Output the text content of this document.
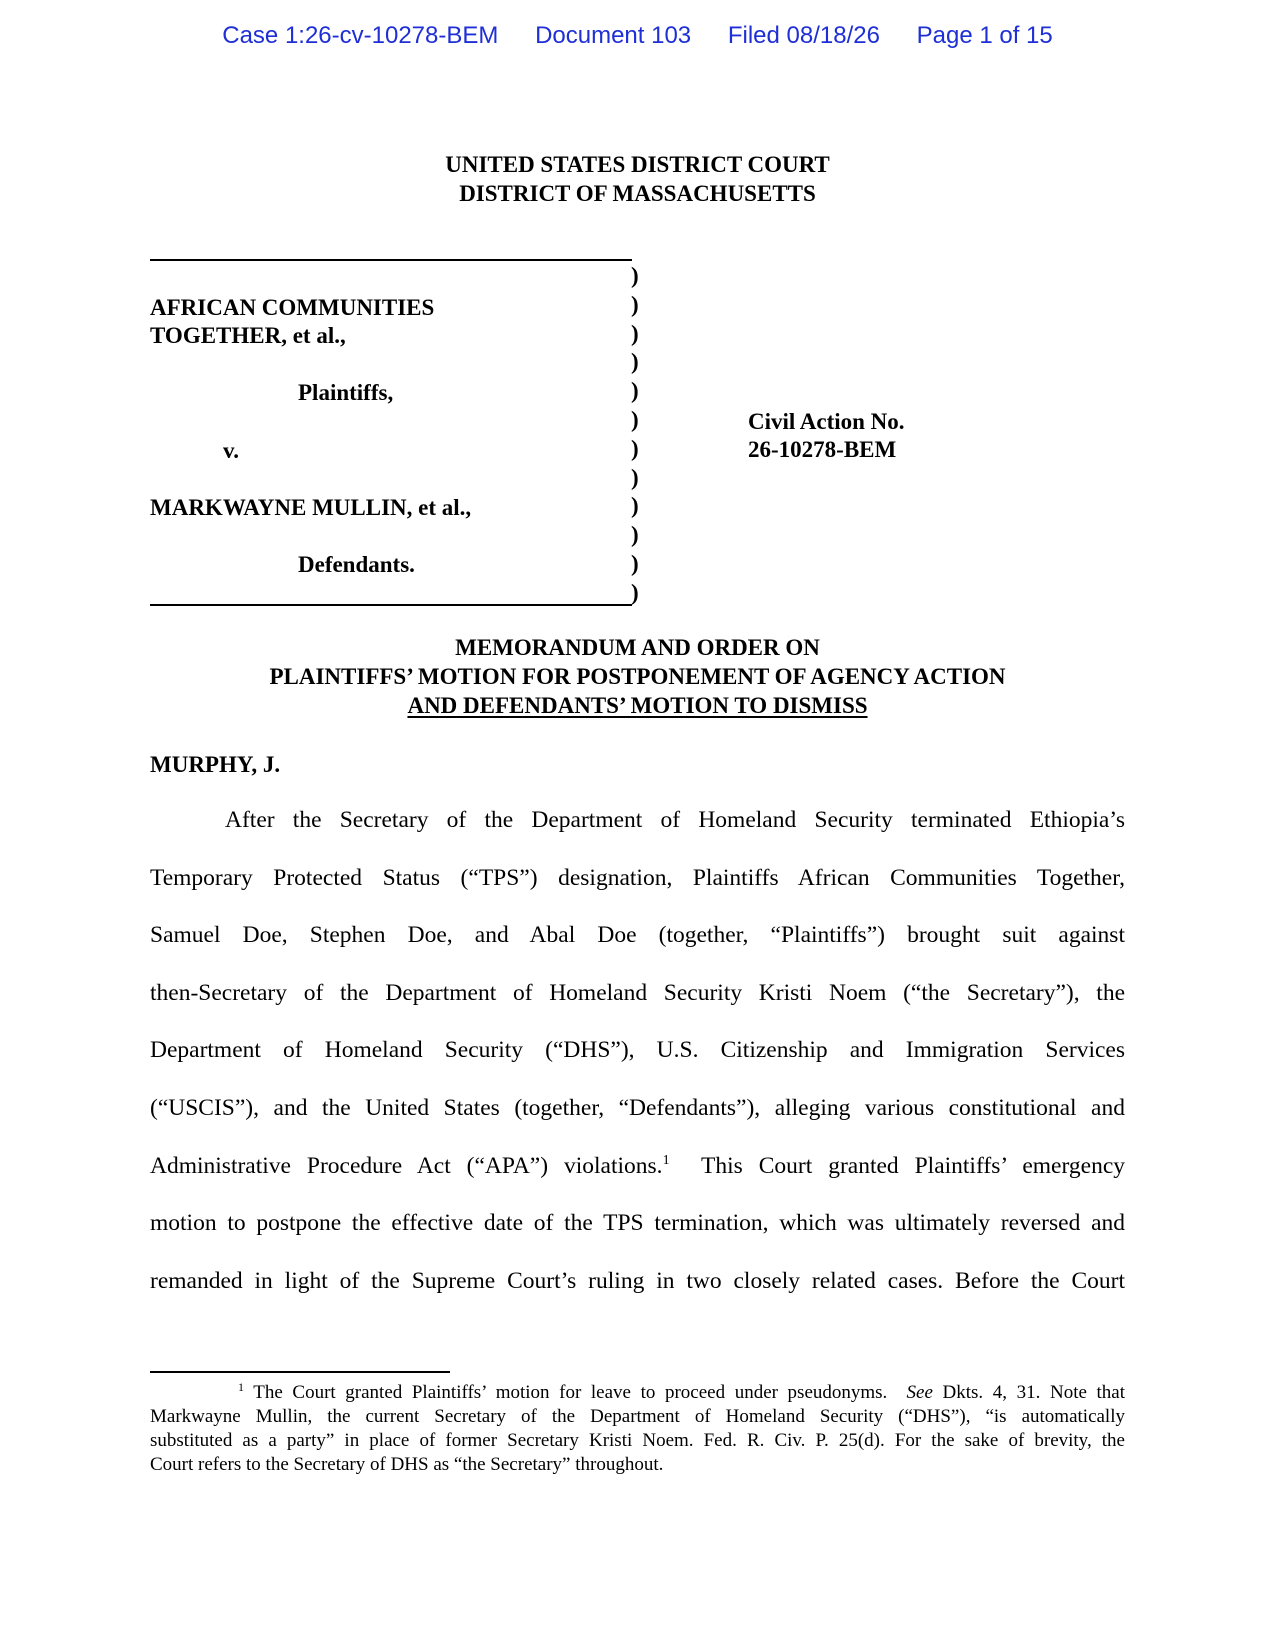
Case 1:26-cv-10278-BEM Document 103 Filed 08/18/26 Page 1 of 15
UNITED STATES DISTRICT COURT
DISTRICT OF MASSACHUSETTS
AFRICAN COMMUNITIES
TOGETHER, et al.,
Plaintiffs,
v.
MARKWAYNE MULLIN, et al.,
Defendants.
)
)
)
)
)
)
)
)
)
)
)
)
Civil Action No.
26-10278-BEM
MEMORANDUM AND ORDER ON
PLAINTIFFS’ MOTION FOR POSTPONEMENT OF AGENCY ACTION
AND DEFENDANTS’ MOTION TO DISMISS
MURPHY, J.
After the Secretary of the Department of Homeland Security terminated Ethiopia’s
Temporary Protected Status (“TPS”) designation, Plaintiffs African Communities Together,
Samuel Doe, Stephen Doe, and Abal Doe (together, “Plaintiffs”) brought suit against
then-Secretary of the Department of Homeland Security Kristi Noem (“the Secretary”), the
Department of Homeland Security (“DHS”), U.S. Citizenship and Immigration Services
(“USCIS”), and the United States (together, “Defendants”), alleging various constitutional and
Administrative Procedure Act (“APA”) violations.$^1$ This Court granted Plaintiffs’ emergency
motion to postpone the effective date of the TPS termination, which was ultimately reversed and
remanded in light of the Supreme Court’s ruling in two closely related cases. Before the Court
$^1$ The Court granted Plaintiffs’ motion for leave to proceed under pseudonyms. See Dkts. 4, 31. Note that
Markwayne Mullin, the current Secretary of the Department of Homeland Security (“DHS”), “is automatically
substituted as a party” in place of former Secretary Kristi Noem. Fed. R. Civ. P. 25(d). For the sake of brevity, the
Court refers to the Secretary of DHS as “the Secretary” throughout.
